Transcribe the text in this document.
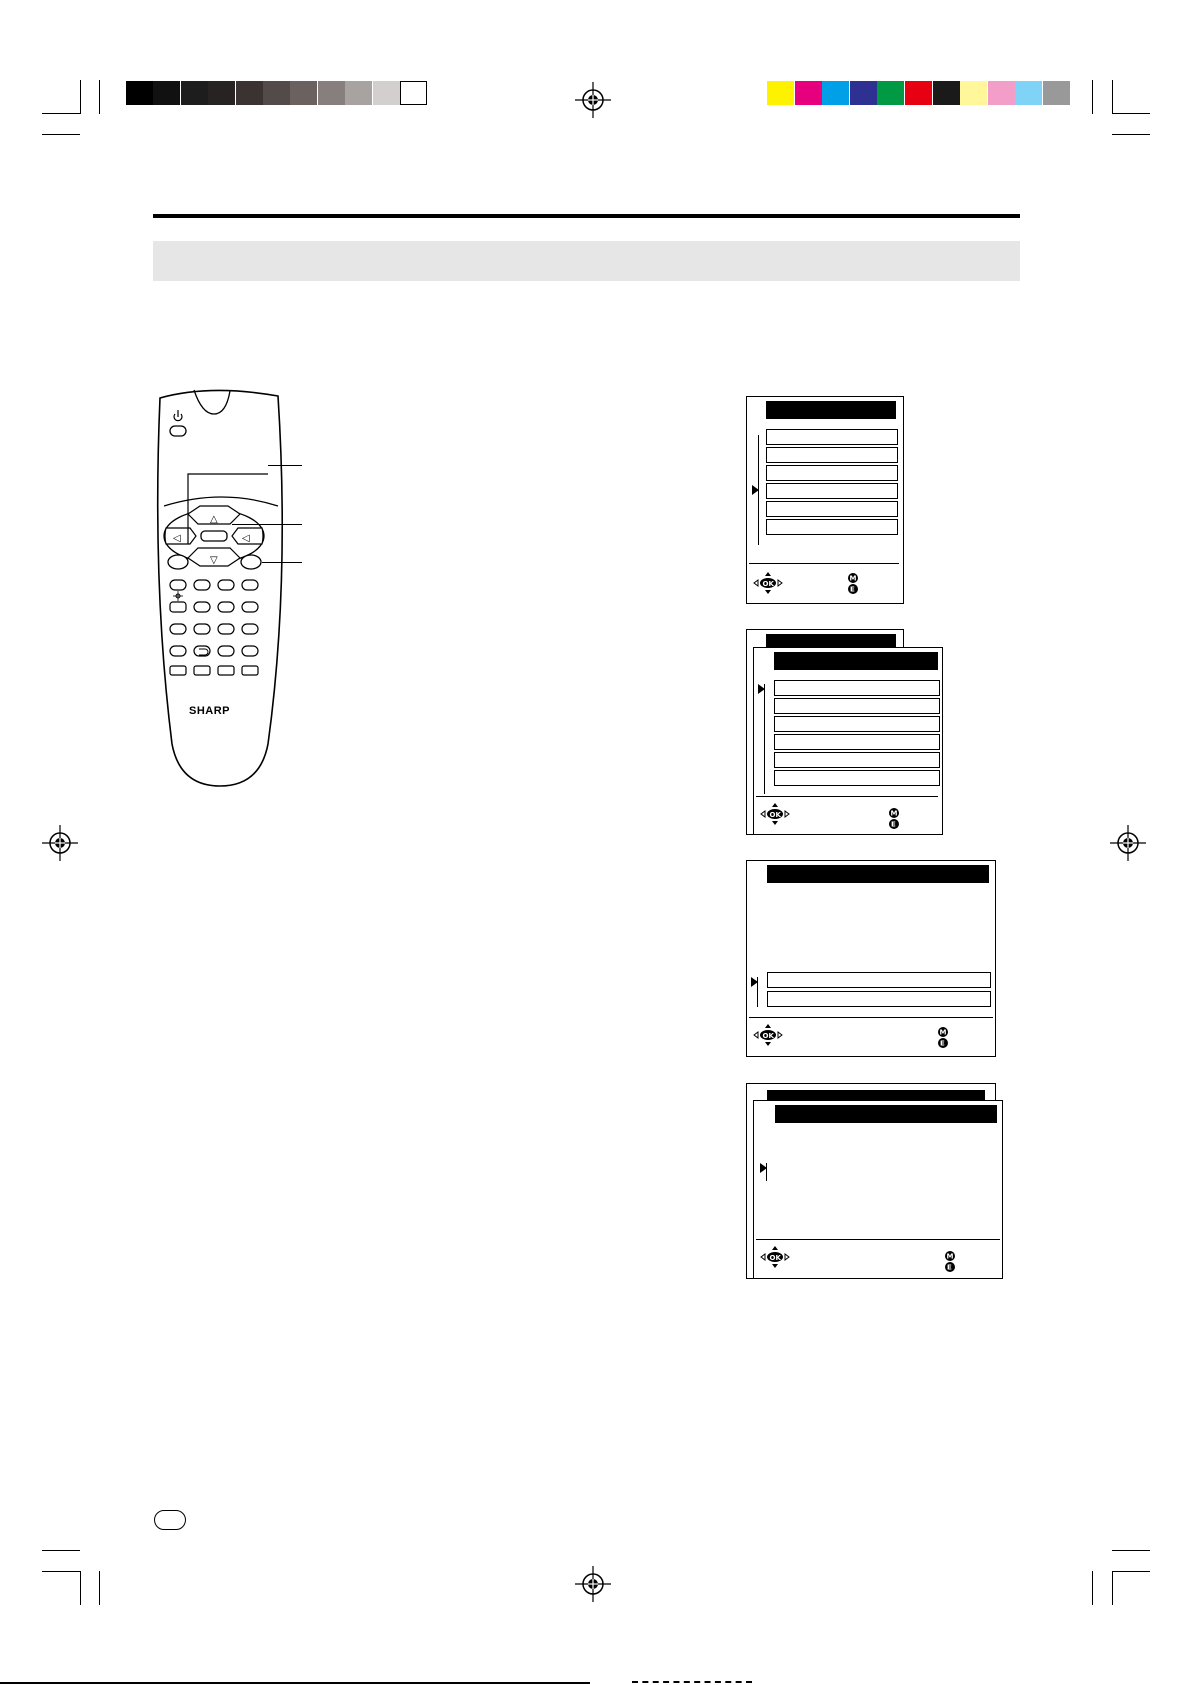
△
▽
◁	◁
SHARP
OK
M
E
OK	M
E
OK	M
E
OK	M
E
